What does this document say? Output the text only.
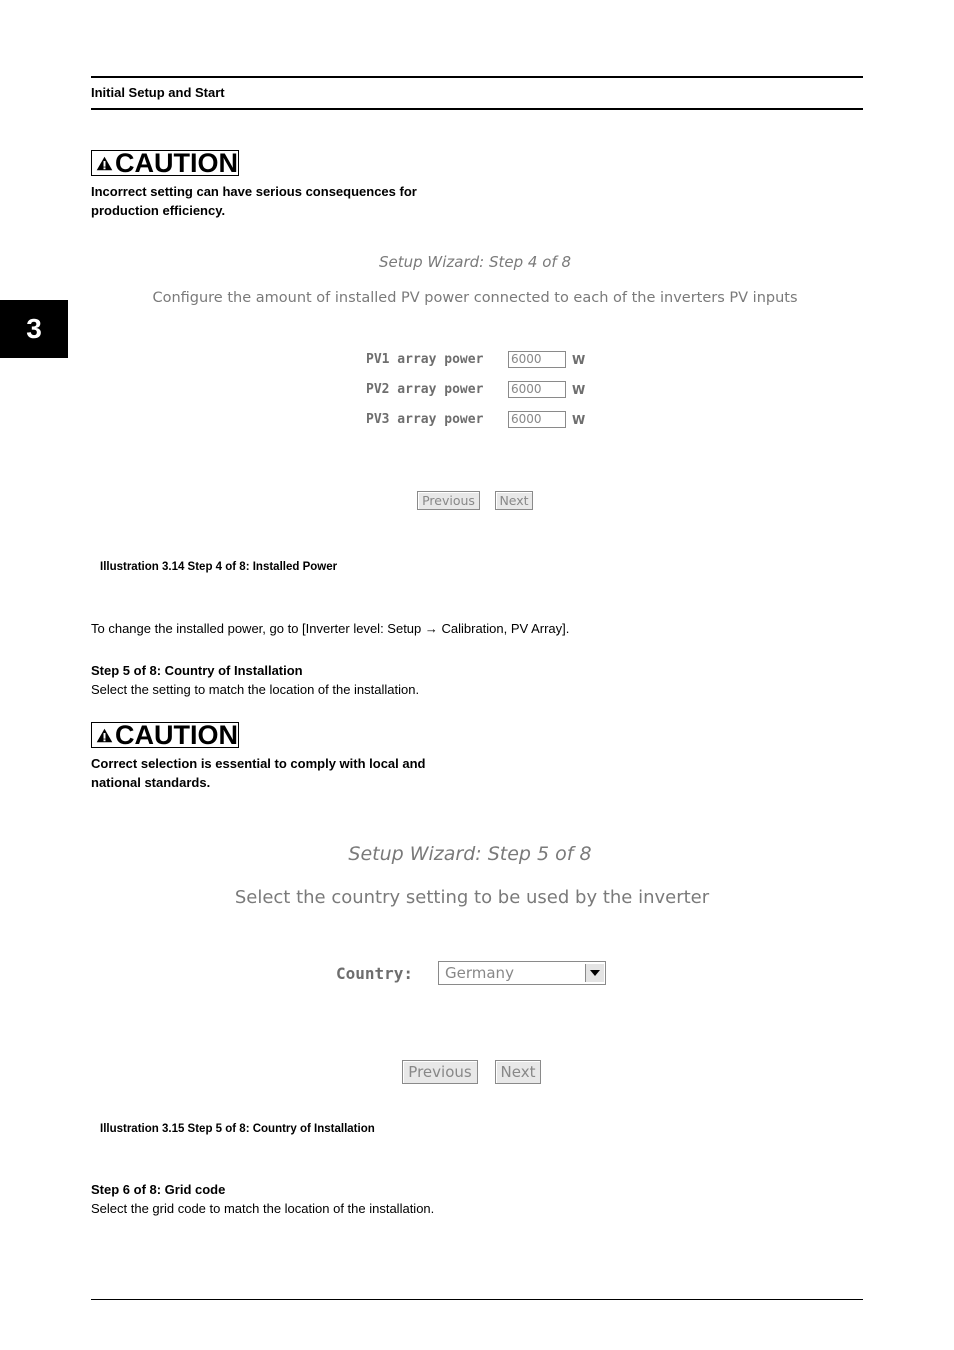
Initial Setup and Start
3
CAUTION
Incorrect setting can have serious consequences for production efficiency.
Setup Wizard: Step 4 of 8
Configure the amount of installed PV power connected to each of the inverters PV inputs
PV1 array power 6000	W
PV2 array power 6000	W
PV3 array power 6000	W
Previous	Next
Illustration 3.14 Step 4 of 8: Installed Power
To change the installed power, go to [Inverter level: Setup → Calibration, PV Array].
Step 5 of 8: Country of Installation
Select the setting to match the location of the installation.
CAUTION
Correct selection is essential to comply with local and national standards.
Setup Wizard: Step 5 of 8
Select the country setting to be used by the inverter
Country:	Germany
Previous	Next
Illustration 3.15 Step 5 of 8: Country of Installation
Step 6 of 8: Grid code
Select the grid code to match the location of the installation.
